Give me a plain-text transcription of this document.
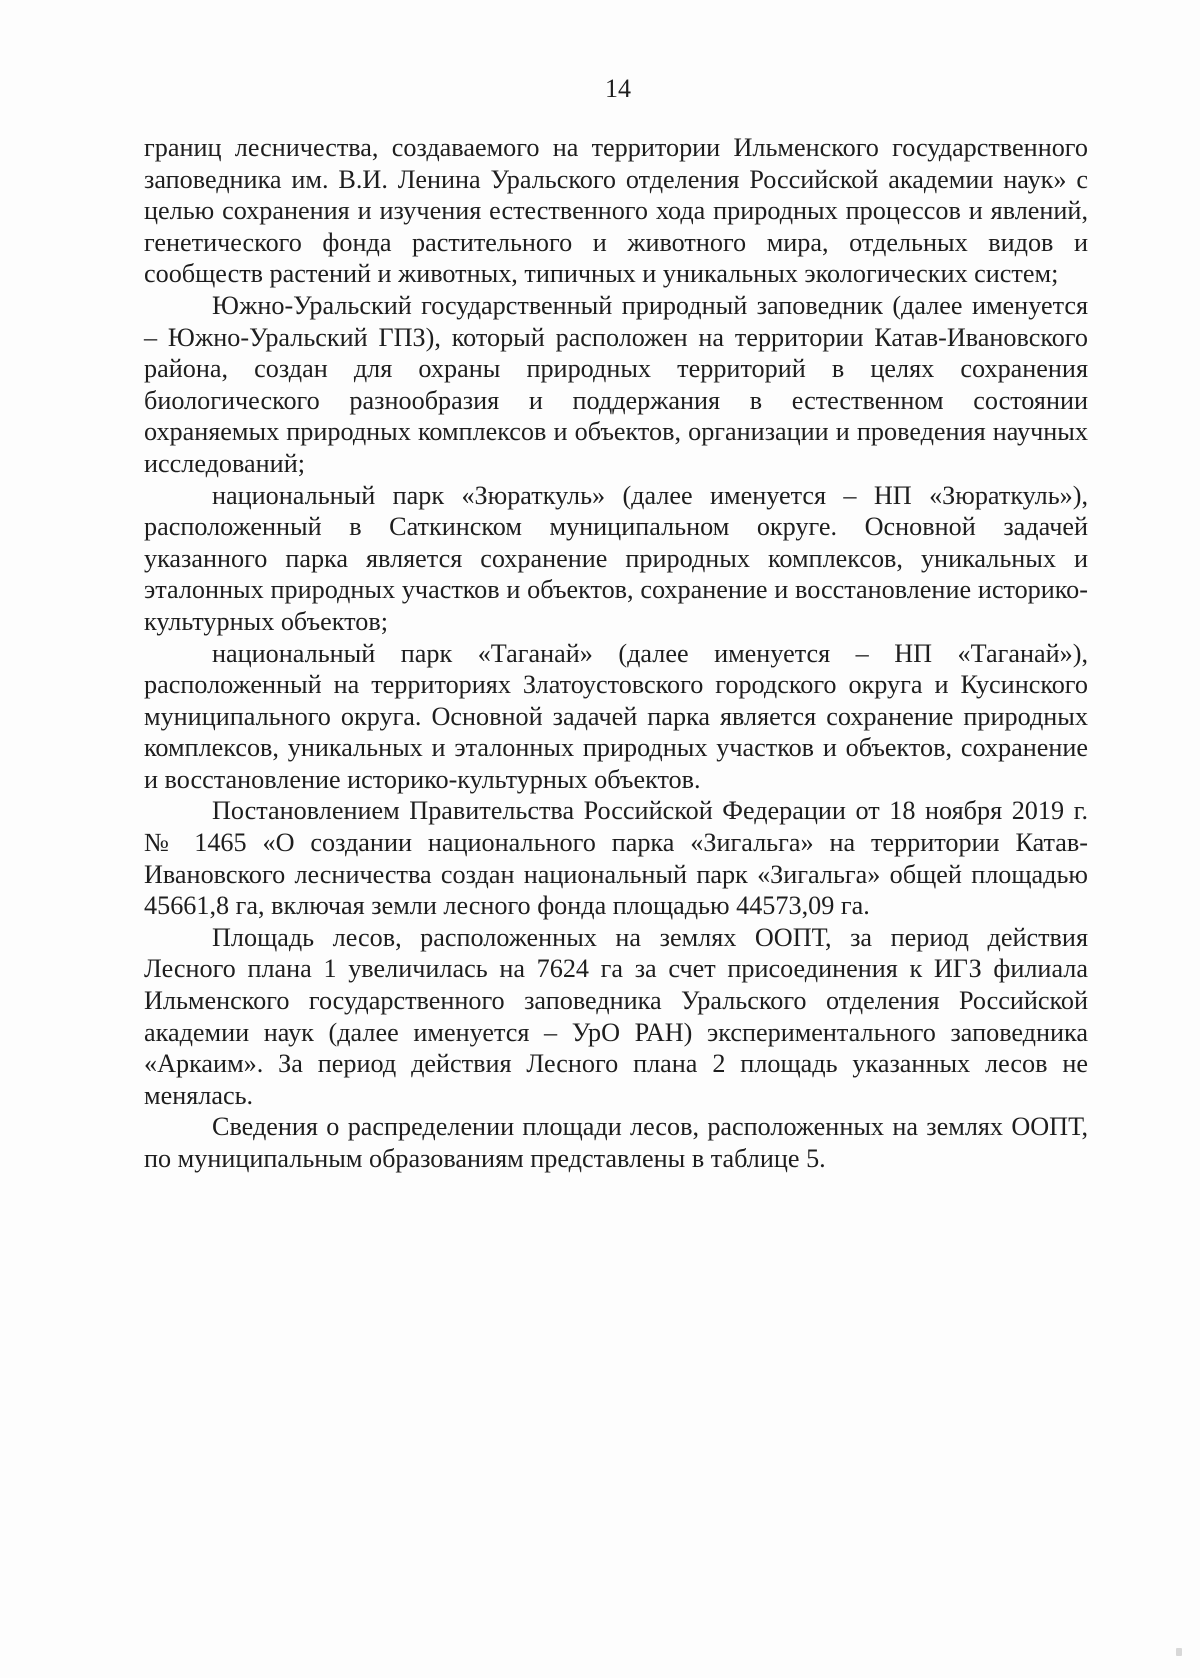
14

границ лесничества, создаваемого на территории Ильменского государственного заповедника им. В.И. Ленина Уральского отделения Российской академии наук» с целью сохранения и изучения естественного хода природных процессов и явлений, генетического фонда растительного и животного мира, отдельных видов и сообществ растений и животных, типичных и уникальных экологических систем;

Южно-Уральский государственный природный заповедник (далее именуется – Южно-Уральский ГПЗ), который расположен на территории Катав-Ивановского района, создан для охраны природных территорий в целях сохранения биологического разнообразия и поддержания в естественном состоянии охраняемых природных комплексов и объектов, организации и проведения научных исследований;

национальный парк «Зюраткуль» (далее именуется – НП «Зюраткуль»), расположенный в Саткинском муниципальном округе. Основной задачей указанного парка является сохранение природных комплексов, уникальных и эталонных природных участков и объектов, сохранение и восстановление историко-культурных объектов;

национальный парк «Таганай» (далее именуется – НП «Таганай»), расположенный на территориях Златоустовского городского округа и Кусинского муниципального округа. Основной задачей парка является сохранение природных комплексов, уникальных и эталонных природных участков и объектов, сохранение и восстановление историко-культурных объектов.

Постановлением Правительства Российской Федерации от 18 ноября 2019 г. № 1465 «О создании национального парка «Зигальга» на территории Катав-Ивановского лесничества создан национальный парк «Зигальга» общей площадью 45661,8 га, включая земли лесного фонда площадью 44573,09 га.

Площадь лесов, расположенных на землях ООПТ, за период действия Лесного плана 1 увеличилась на 7624 га за счет присоединения к ИГЗ филиала Ильменского государственного заповедника Уральского отделения Российской академии наук (далее именуется – УрО РАН) экспериментального заповедника «Аркаим». За период действия Лесного плана 2 площадь указанных лесов не менялась.

Сведения о распределении площади лесов, расположенных на землях ООПТ, по муниципальным образованиям представлены в таблице 5.
